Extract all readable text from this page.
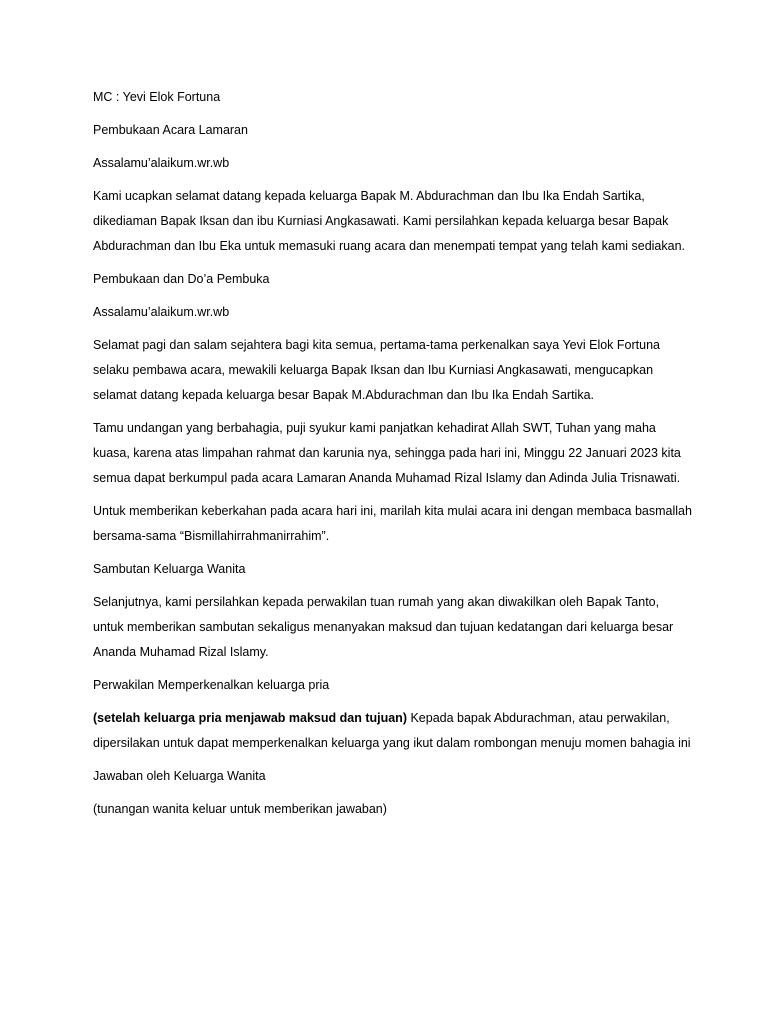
MC : Yevi Elok Fortuna

Pembukaan Acara Lamaran

Assalamu’alaikum.wr.wb

Kami ucapkan selamat datang kepada keluarga Bapak M. Abdurachman dan Ibu Ika Endah Sartika, dikediaman Bapak Iksan dan ibu Kurniasi Angkasawati. Kami persilahkan kepada keluarga besar Bapak Abdurachman dan Ibu Eka untuk memasuki ruang acara dan menempati tempat yang telah kami sediakan.

Pembukaan dan Do’a Pembuka

Assalamu’alaikum.wr.wb

Selamat pagi dan salam sejahtera bagi kita semua, pertama-tama perkenalkan saya Yevi Elok Fortuna selaku pembawa acara, mewakili keluarga Bapak Iksan dan Ibu Kurniasi Angkasawati, mengucapkan selamat datang kepada keluarga besar Bapak M.Abdurachman dan Ibu Ika Endah Sartika.

Tamu undangan yang berbahagia, puji syukur kami panjatkan kehadirat Allah SWT, Tuhan yang maha kuasa, karena atas limpahan rahmat dan karunia nya, sehingga pada hari ini, Minggu 22 Januari 2023 kita semua dapat berkumpul pada acara Lamaran Ananda Muhamad Rizal Islamy dan Adinda Julia Trisnawati.

Untuk memberikan keberkahan pada acara hari ini, marilah kita mulai acara ini dengan membaca basmallah bersama-sama “Bismillahirrahmanirrahim”.

Sambutan Keluarga Wanita

Selanjutnya, kami persilahkan kepada perwakilan tuan rumah yang akan diwakilkan oleh Bapak Tanto, untuk memberikan sambutan sekaligus menanyakan maksud dan tujuan kedatangan dari keluarga besar Ananda Muhamad Rizal Islamy.

Perwakilan Memperkenalkan keluarga pria

(setelah keluarga pria menjawab maksud dan tujuan) Kepada bapak Abdurachman, atau perwakilan, dipersilakan untuk dapat memperkenalkan keluarga yang ikut dalam rombongan menuju momen bahagia ini

Jawaban oleh Keluarga Wanita

(tunangan wanita keluar untuk memberikan jawaban)
